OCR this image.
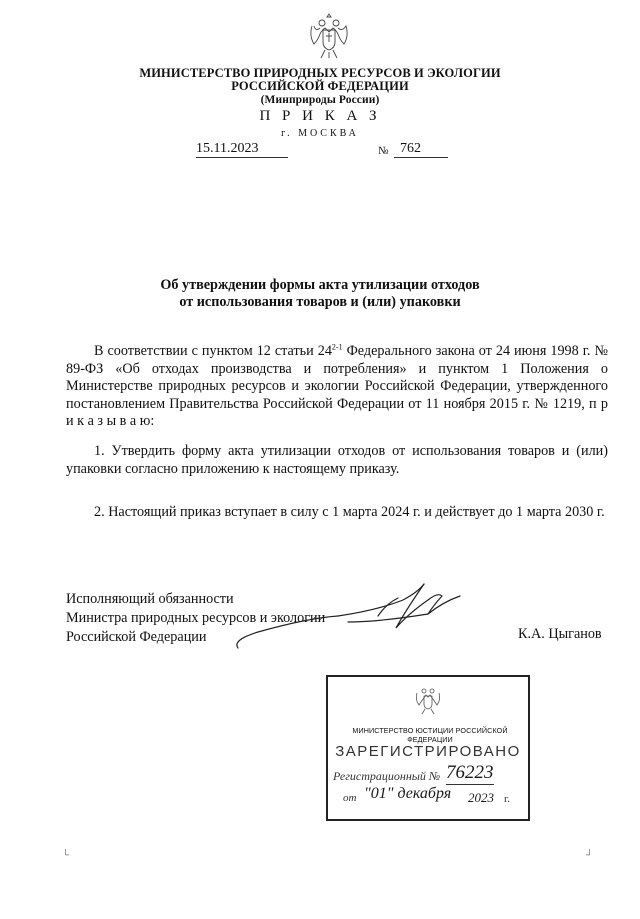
МИНИСТЕРСТВО ПРИРОДНЫХ РЕСУРСОВ И ЭКОЛОГИИ
РОССИЙСКОЙ ФЕДЕРАЦИИ
(Минприроды России)
П Р И К А З
г. МОСКВА
15.11.2023	№ 762
Об утверждении формы акта утилизации отходов
от использования товаров и (или) упаковки
В соответствии с пунктом 12 статьи 24$^{2-1}$ Федерального закона от 24 июня 1998 г. № 89-ФЗ «Об отходах производства и потребления» и пунктом 1 Положения о Министерстве природных ресурсов и экологии Российской Федерации, утвержденного постановлением Правительства Российской Федерации от 11 ноября 2015 г. № 1219, п р и к а з ы в а ю:
1. Утвердить форму акта утилизации отходов от использования товаров и (или) упаковки согласно приложению к настоящему приказу.
2. Настоящий приказ вступает в силу с 1 марта 2024 г. и действует до 1 марта 2030 г.
Исполняющий обязанности
Министра природных ресурсов и экологии
Российской Федерации	К.А. Цыганов
МИНИСТЕРСТВО ЮСТИЦИИ РОССИЙСКОЙ ФЕДЕРАЦИИ
ЗАРЕГИСТРИРОВАНО
Регистрационный № 76223
от "01" декабря 2023 г.
└	┘
